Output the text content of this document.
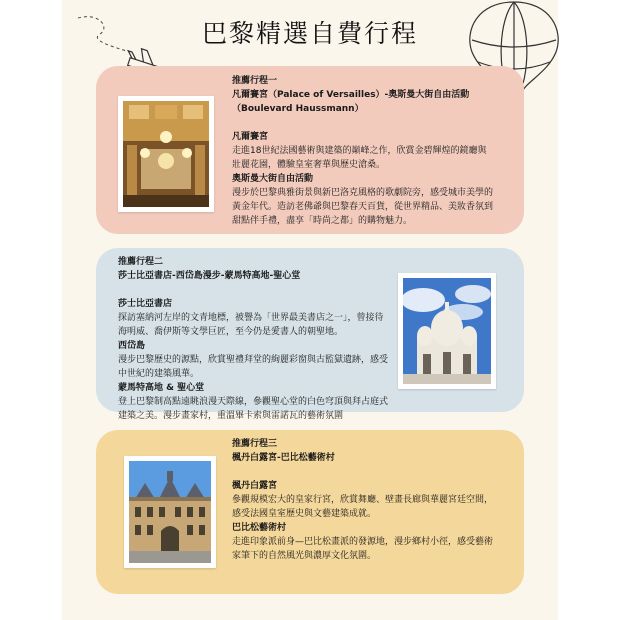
巴黎精選自費行程

推薦行程一

凡爾賽宮（Palace of Versailles）-奧斯曼大街自由活動（Boulevard Haussmann）

凡爾賽宮

走進18世紀法國藝術與建築的巔峰之作，欣賞金碧輝煌的鏡廳與壯麗花園，體驗皇室奢華與歷史滄桑。

奧斯曼大街自由活動

漫步於巴黎典雅街景與新巴洛克風格的歌劇院旁，感受城市美學的黃金年代。造訪老佛爺與巴黎春天百貨，從世界精品、美妝香氛到甜點伴手禮，盡享「時尚之都」的購物魅力。

推薦行程二

莎士比亞書店-西岱島漫步-蒙馬特高地-聖心堂

莎士比亞書店

探訪塞納河左岸的文青地標，被譽為「世界最美書店之一」，曾接待海明威、喬伊斯等文學巨匠，至今仍是愛書人的朝聖地。

西岱島

漫步巴黎歷史的源點，欣賞聖禮拜堂的絢麗彩窗與古監獄遺跡，感受中世紀的建築風華。

蒙馬特高地 & 聖心堂

登上巴黎制高點遠眺浪漫天際線，參觀聖心堂的白色穹頂與拜占庭式建築之美。漫步畫家村，重溫畢卡索與雷諾瓦的藝術氛圍

推薦行程三

楓丹白露宮-巴比松藝術村

楓丹白露宮

參觀規模宏大的皇家行宮，欣賞舞廳、壁畫長廊與華麗宮廷空間，感受法國皇室歷史與文藝建築成就。

巴比松藝術村

走進印象派前身—巴比松畫派的發源地，漫步鄉村小徑，感受藝術家筆下的自然風光與濃厚文化氛圍。
